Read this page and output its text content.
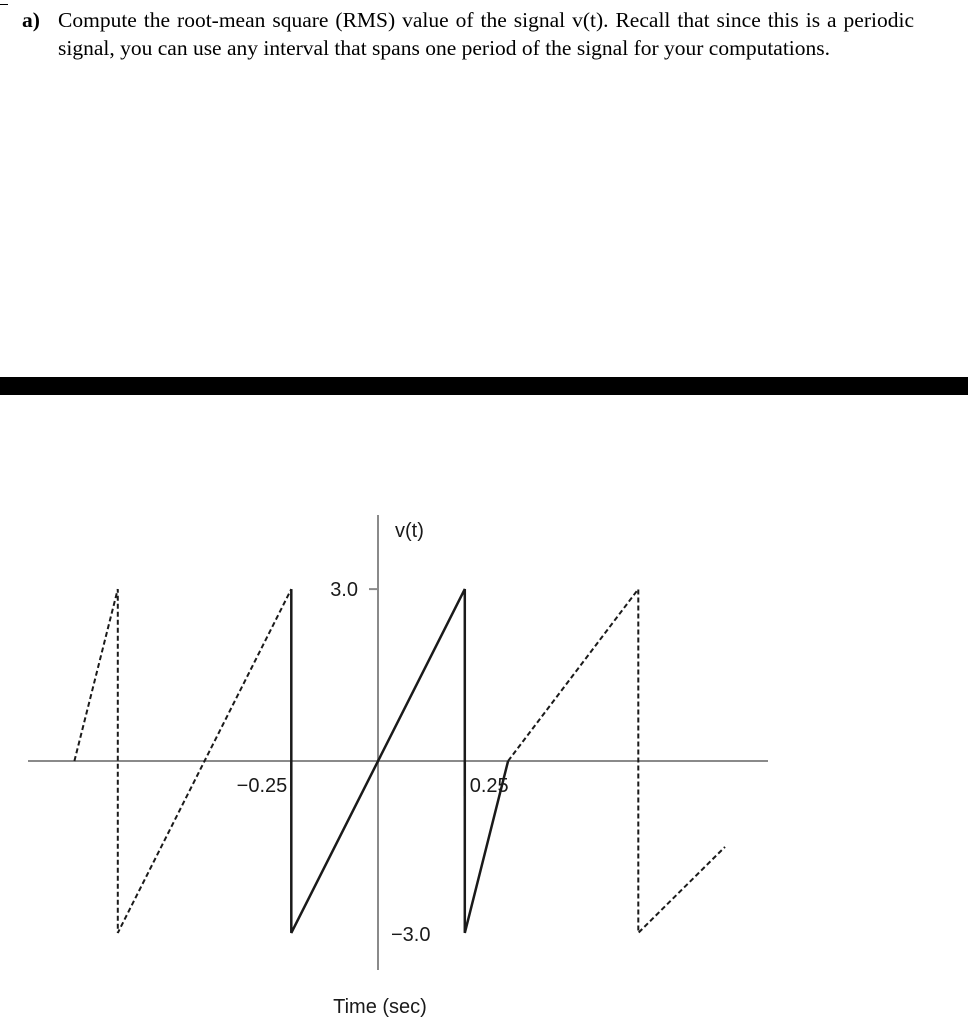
a) Compute the root-mean square (RMS) value of the signal v(t). Recall that since this is a periodic signal, you can use any interval that spans one period of the signal for your computations.
v(t)
Time (sec)
3.0
−3.0
−0.25	0.25
